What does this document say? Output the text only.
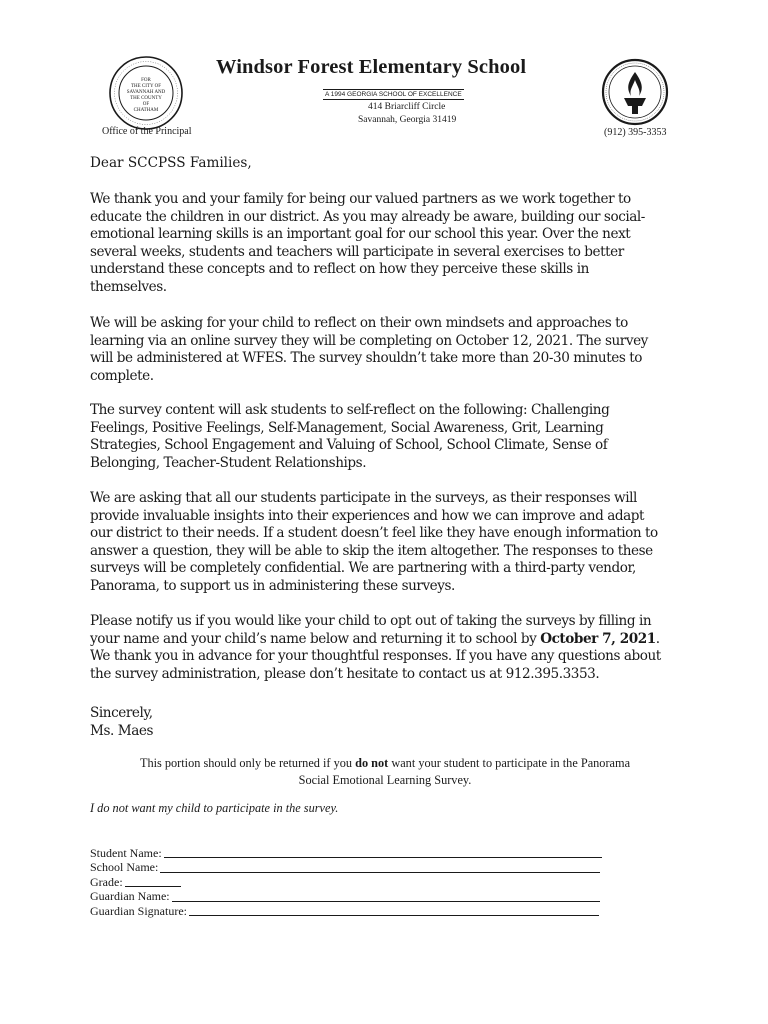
FOR
THE CITY OF
SAVANNAH AND
THE COUNTY
OF
CHATHAM
Office of the Principal
Windsor Forest Elementary School
A 1994 GEORGIA SCHOOL OF EXCELLENCE
414 Briarcliff Circle
Savannah, Georgia 31419
(912) 395-3353
Dear SCCPSS Families,
We thank you and your family for being our valued partners as we work together to
educate the children in our district. As you may already be aware, building our social-
emotional learning skills is an important goal for our school this year. Over the next
several weeks, students and teachers will participate in several exercises to better
understand these concepts and to reflect on how they perceive these skills in
themselves.
We will be asking for your child to reflect on their own mindsets and approaches to
learning via an online survey they will be completing on October 12, 2021. The survey
will be administered at WFES. The survey shouldn’t take more than 20-30 minutes to
complete.
The survey content will ask students to self-reflect on the following: Challenging
Feelings, Positive Feelings, Self-Management, Social Awareness, Grit, Learning
Strategies, School Engagement and Valuing of School, School Climate, Sense of
Belonging, Teacher-Student Relationships.
We are asking that all our students participate in the surveys, as their responses will
provide invaluable insights into their experiences and how we can improve and adapt
our district to their needs. If a student doesn’t feel like they have enough information to
answer a question, they will be able to skip the item altogether. The responses to these
surveys will be completely confidential. We are partnering with a third-party vendor,
Panorama, to support us in administering these surveys.
Please notify us if you would like your child to opt out of taking the surveys by filling in
your name and your child’s name below and returning it to school by October 7, 2021.
We thank you in advance for your thoughtful responses. If you have any questions about
the survey administration, please don’t hesitate to contact us at 912.395.3353.
Sincerely,
Ms. Maes
This portion should only be returned if you do not want your student to participate in the Panorama
Social Emotional Learning Survey.
I do not want my child to participate in the survey.
Student Name:
School Name:
Grade:
Guardian Name:
Guardian Signature:
